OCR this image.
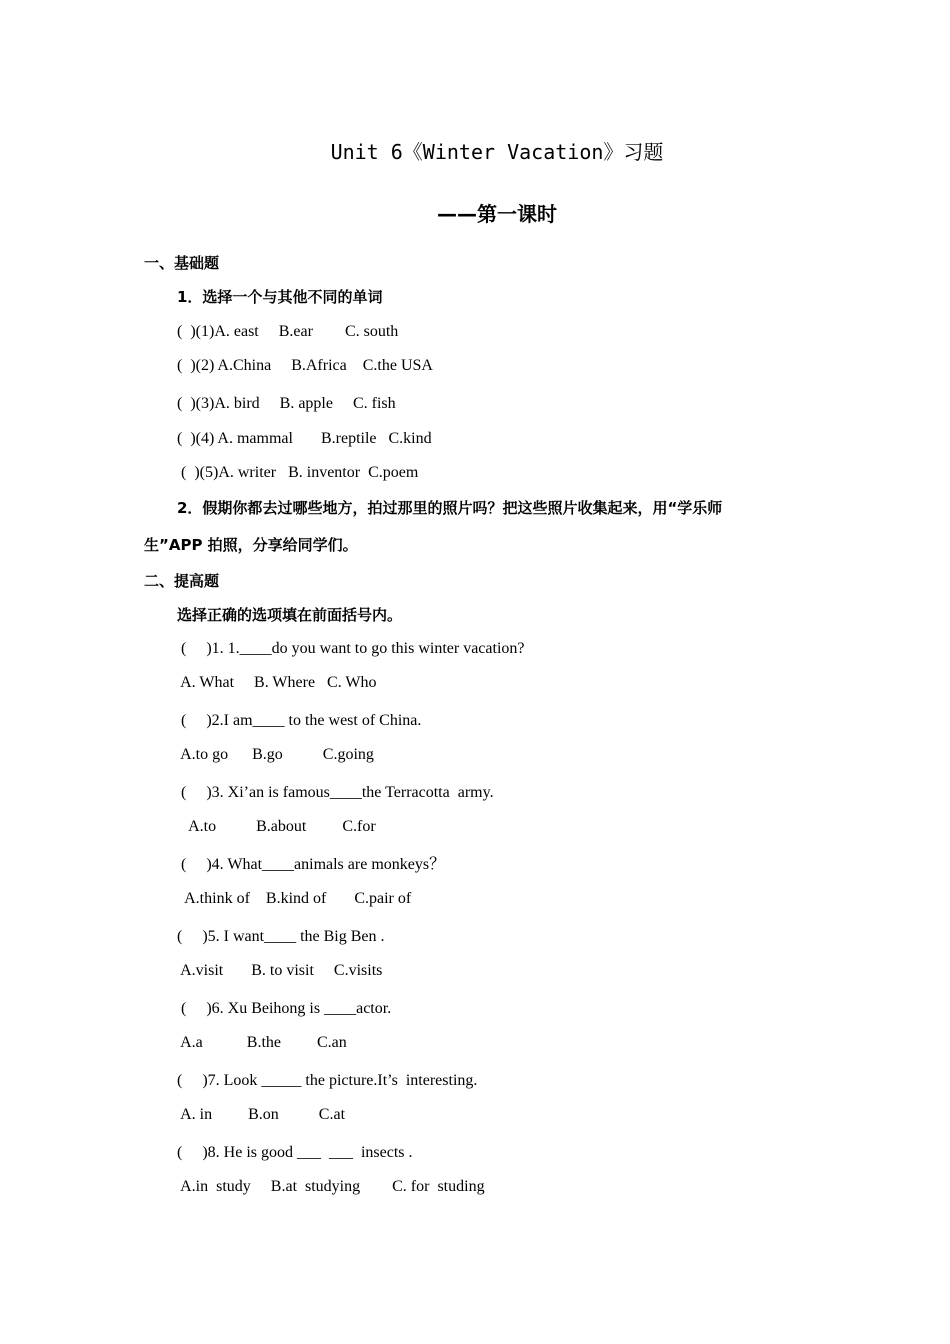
Unit 6《Winter Vacation》习题
——第一课时
一、基础题
1．选择一个与其他不同的单词
(  )(1)A. east     B.ear        C. south
(  )(2) A.China     B.Africa    C.the USA
(  )(3)A. bird     B. apple     C. fish
(  )(4) A. mammal       B.reptile   C.kind
(  )(5)A. writer   B. inventor  C.poem
2．假期你都去过哪些地方，拍过那里的照片吗？把这些照片收集起来，用“学乐师
生”APP 拍照，分享给同学们。
二、提高题
选择正确的选项填在前面括号内。
(     )1. 1.____do you want to go this winter vacation?
A. What     B. Where   C. Who
(     )2.I am____ to the west of China.
A.to go      B.go          C.going
(     )3. Xi’an is famous____the Terracotta  army.
A.to          B.about         C.for
(     )4. What____animals are monkeys？
A.think of    B.kind of       C.pair of
(     )5. I want____ the Big Ben .
A.visit       B. to visit     C.visits
(     )6. Xu Beihong is ____actor.
A.a           B.the         C.an
(     )7. Look _____ the picture.It’s  interesting.
A. in         B.on          C.at
(     )8. He is good ___  ___  insects .
A.in  study     B.at  studying        C. for  studing
